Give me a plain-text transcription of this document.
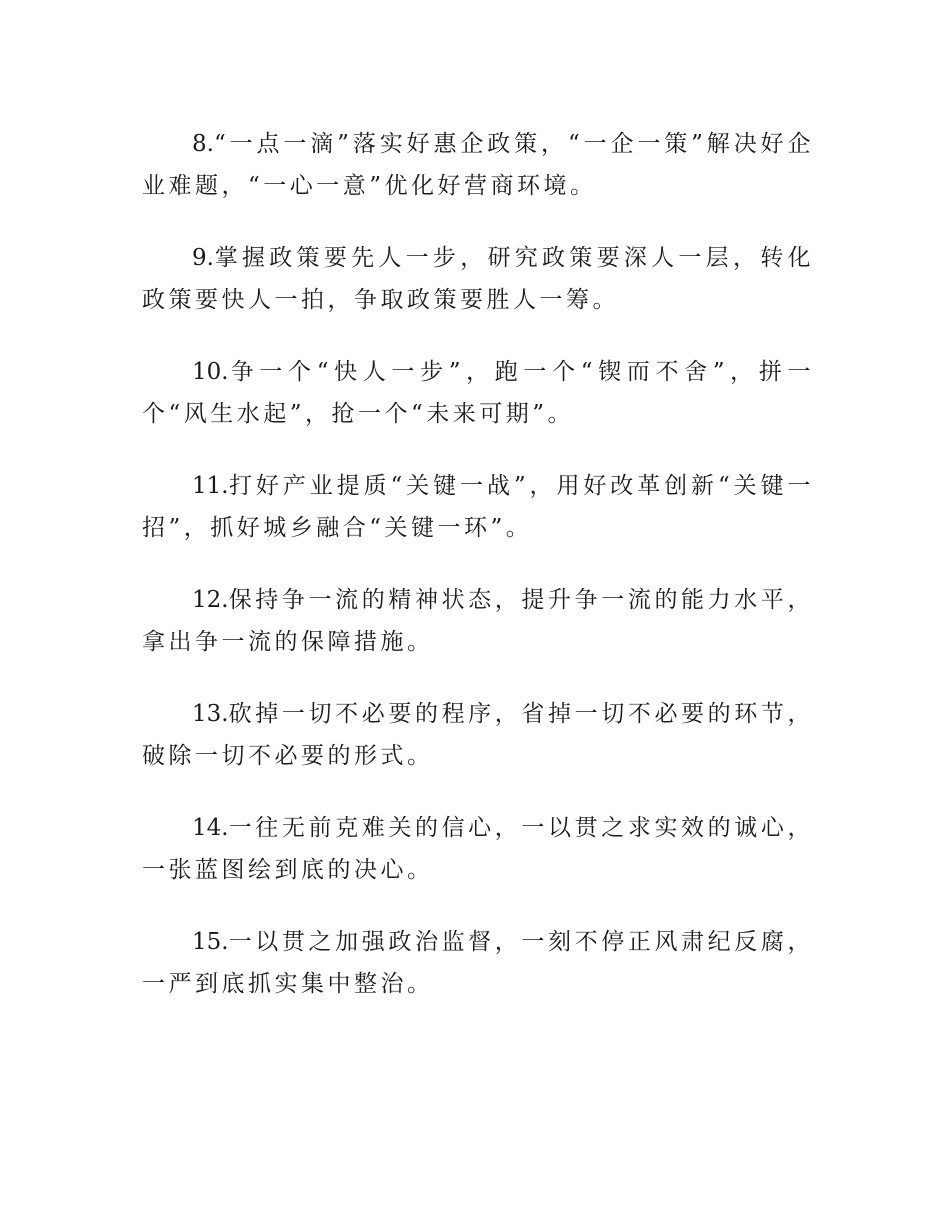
8.“一点一滴”落实好惠企政策，“一企一策”解决好企业难题，“一心一意”优化好营商环境。

9.掌握政策要先人一步，研究政策要深人一层，转化政策要快人一拍，争取政策要胜人一筹。

10.争一个“快人一步”，跑一个“锲而不舍”，拼一个“风生水起”，抢一个“未来可期”。

11.打好产业提质“关键一战”，用好改革创新“关键一招”，抓好城乡融合“关键一环”。

12.保持争一流的精神状态，提升争一流的能力水平，拿出争一流的保障措施。

13.砍掉一切不必要的程序，省掉一切不必要的环节，破除一切不必要的形式。

14.一往无前克难关的信心，一以贯之求实效的诚心，一张蓝图绘到底的决心。

15.一以贯之加强政治监督，一刻不停正风肃纪反腐，一严到底抓实集中整治。
